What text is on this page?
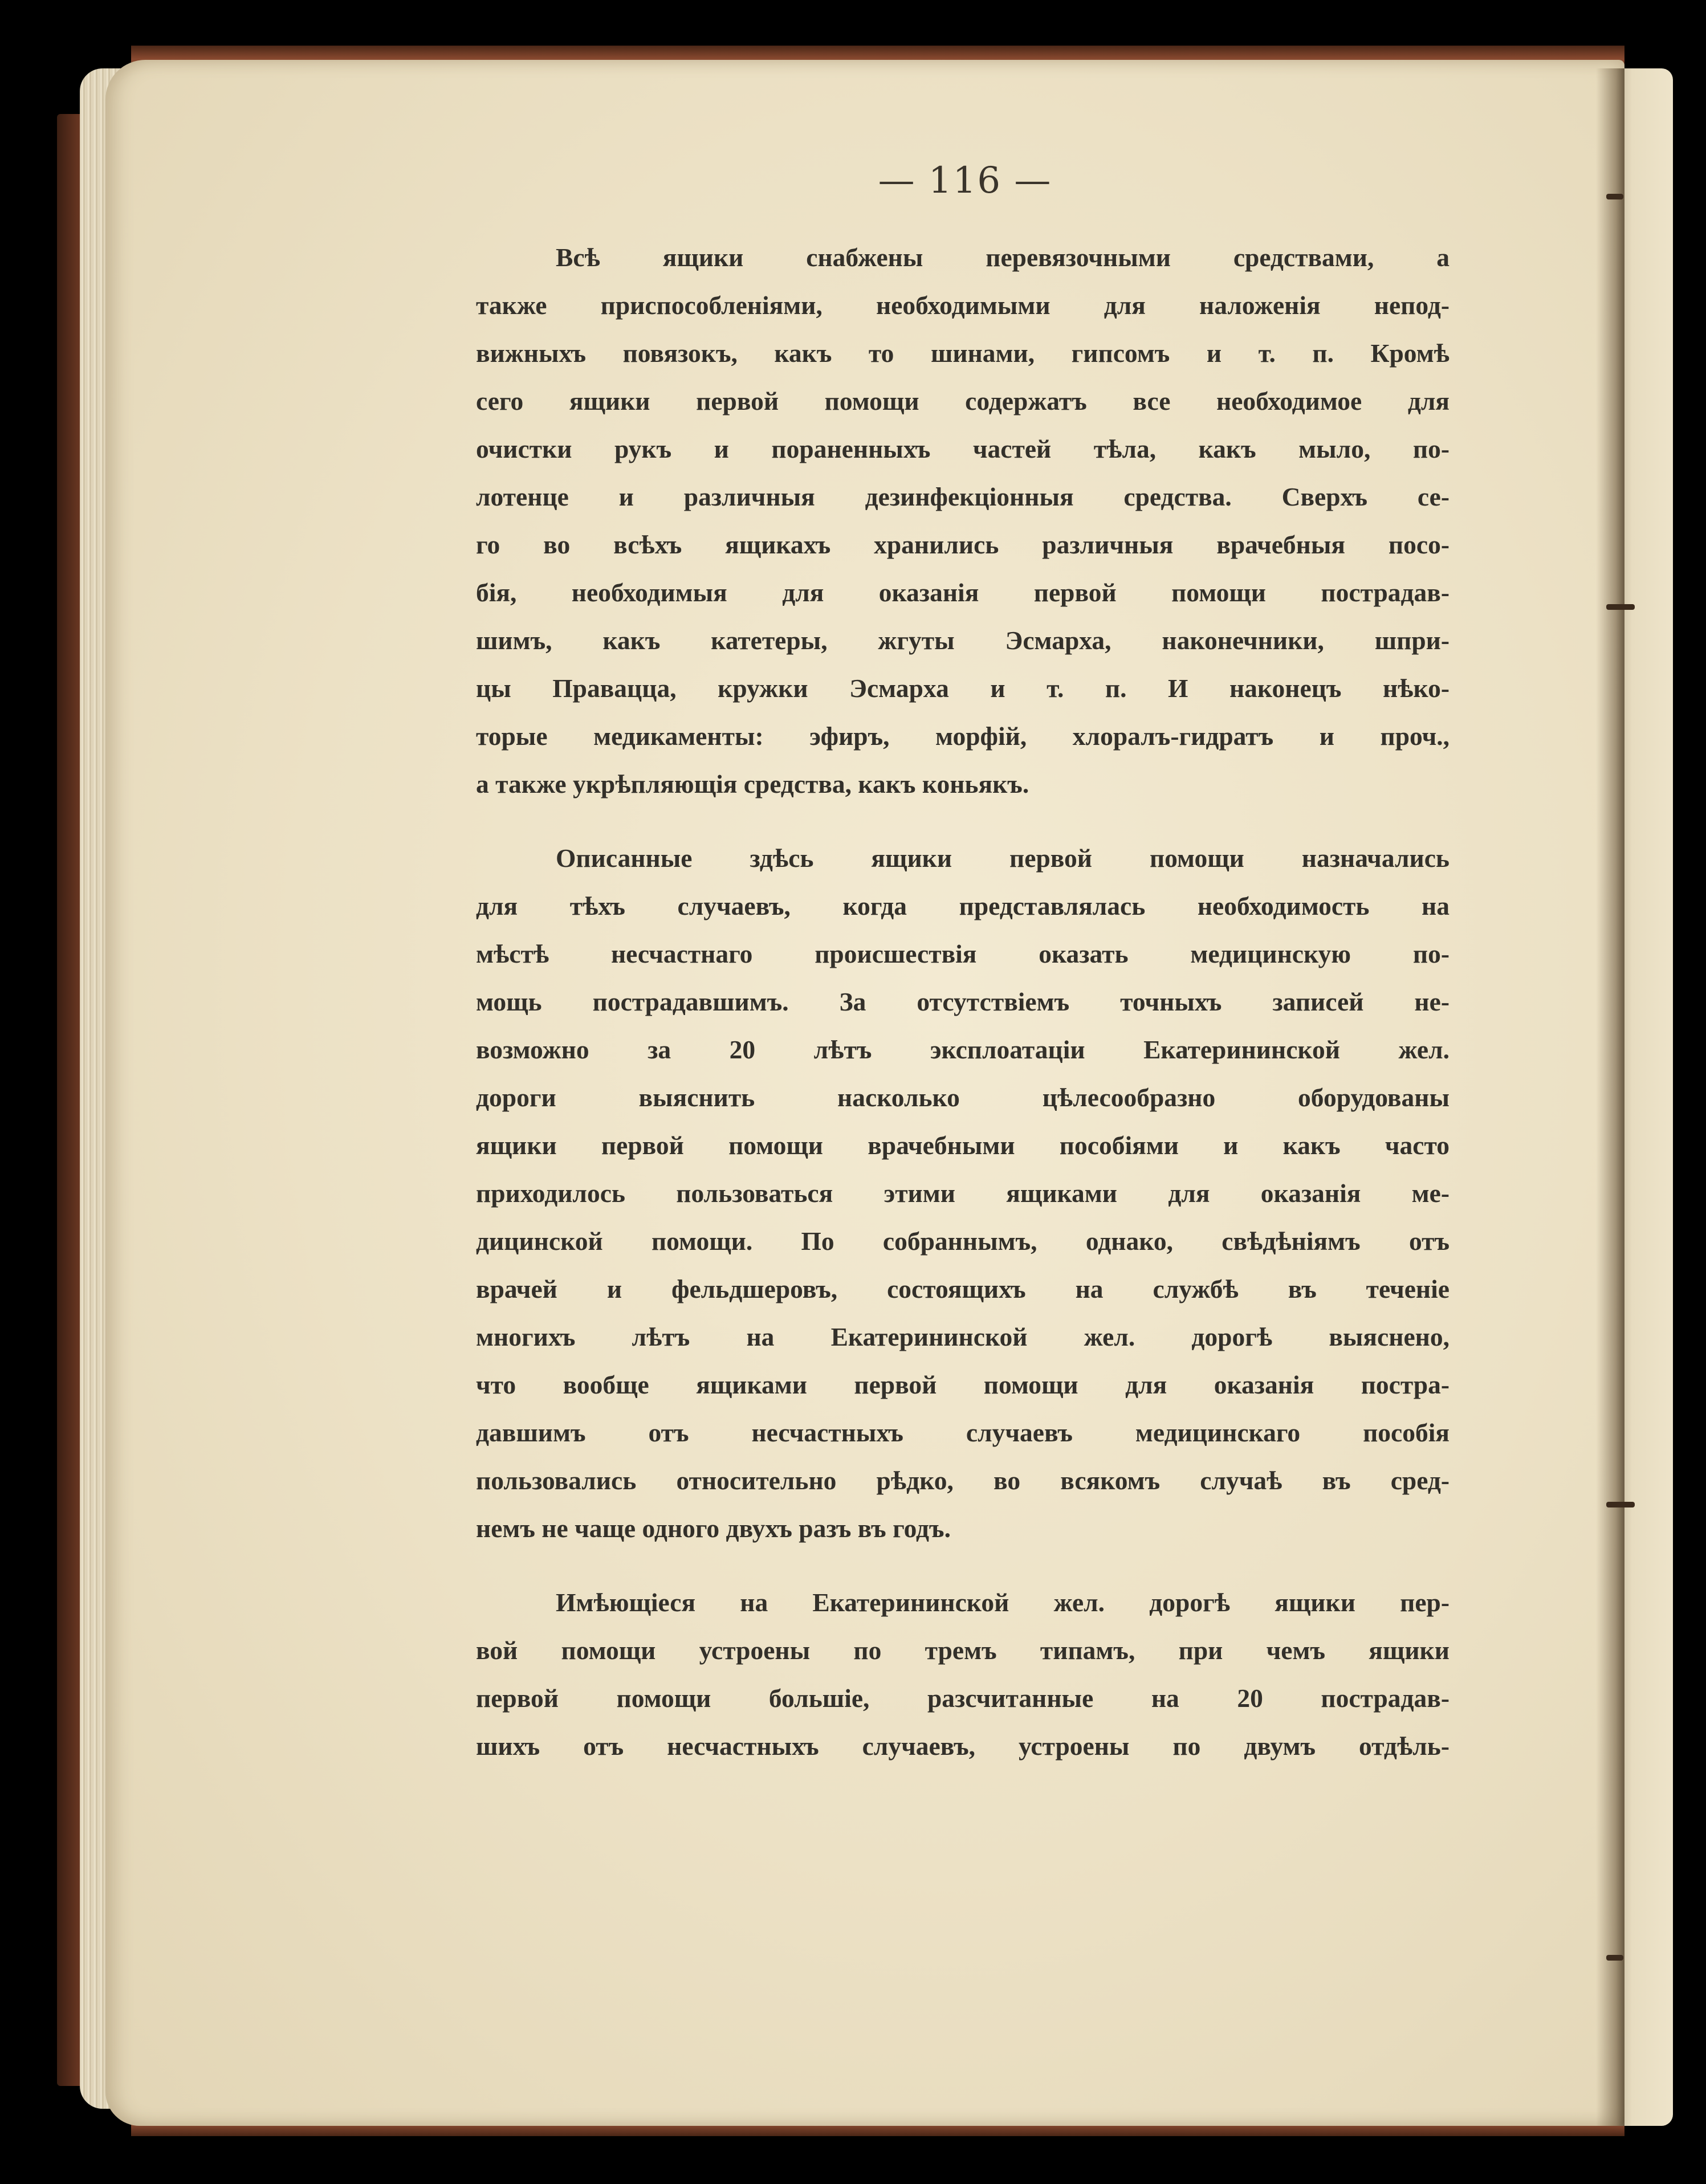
— 116 —
Всѣ ящики снабжены перевязочными средствами, а
также приспособленіями, необходимыми для наложенія непод-
вижныхъ повязокъ, какъ то шинами, гипсомъ и т. п. Кромѣ
сего ящики первой помощи содержатъ все необходимое для
очистки рукъ и пораненныхъ частей тѣла, какъ мыло, по-
лотенце и различныя дезинфекціонныя средства. Сверхъ се-
го во всѣхъ ящикахъ хранились различныя врачебныя посо-
бія, необходимыя для оказанія первой помощи пострадав-
шимъ, какъ катетеры, жгуты Эсмарха, наконечники, шпри-
цы Правацца, кружки Эсмарха и т. п. И наконецъ нѣко-
торые медикаменты: эфиръ, морфій, хлоралъ-гидратъ и проч.,
а также укрѣпляющія средства, какъ коньякъ.
Описанные здѣсь ящики первой помощи назначались
для тѣхъ случаевъ, когда представлялась необходимость на
мѣстѣ несчастнаго происшествія оказать медицинскую по-
мощь пострадавшимъ. За отсутствіемъ точныхъ записей не-
возможно за 20 лѣтъ эксплоатаціи Екатерининской жел.
дороги выяснить насколько цѣлесообразно оборудованы
ящики первой помощи врачебными пособіями и какъ часто
приходилось пользоваться этими ящиками для оказанія ме-
дицинской помощи. По собраннымъ, однако, свѣдѣніямъ отъ
врачей и фельдшеровъ, состоящихъ на службѣ въ теченіе
многихъ лѣтъ на Екатерининской жел. дорогѣ выяснено,
что вообще ящиками первой помощи для оказанія постра-
давшимъ отъ несчастныхъ случаевъ медицинскаго пособія
пользовались относительно рѣдко, во всякомъ случаѣ въ сред-
немъ не чаще одного двухъ разъ въ годъ.
Имѣющіеся на Екатерининской жел. дорогѣ ящики пер-
вой помощи устроены по тремъ типамъ, при чемъ ящики
первой помощи большіе, разсчитанные на 20 пострадав-
шихъ отъ несчастныхъ случаевъ, устроены по двумъ отдѣль-
